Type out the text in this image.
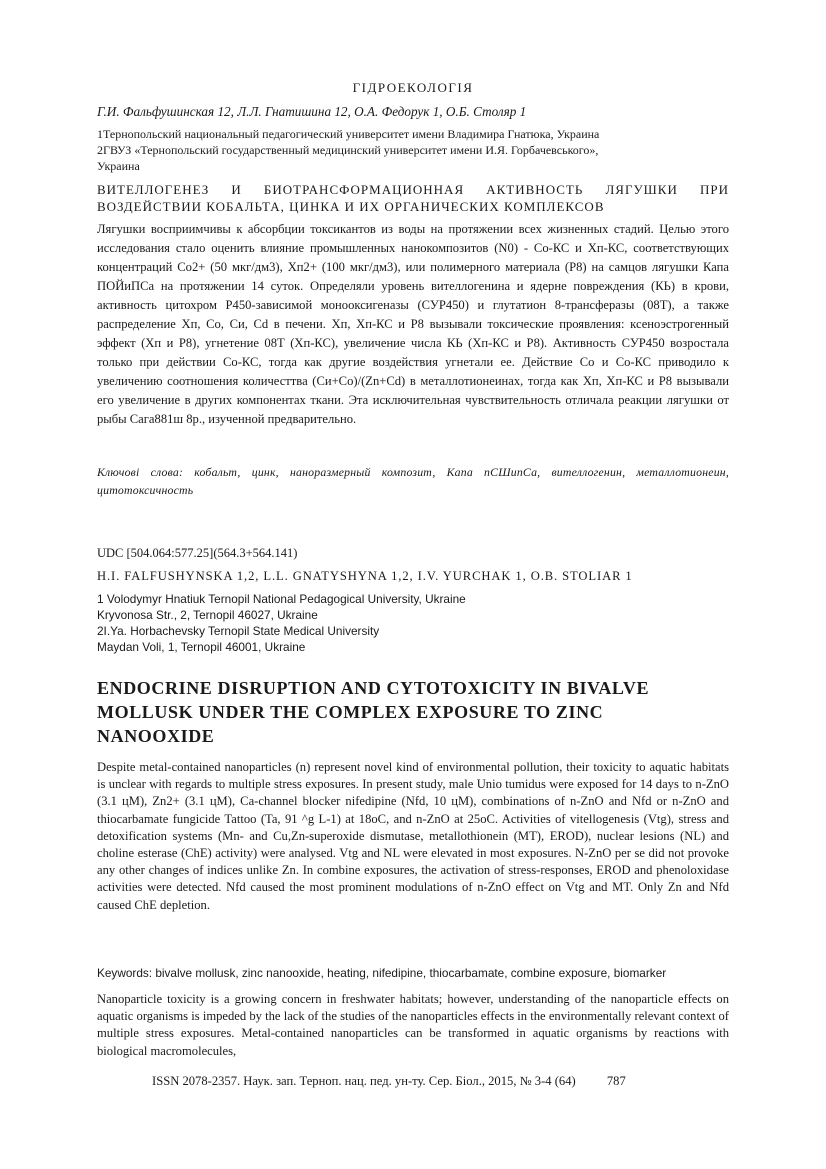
ГІДРОЕКОЛОГІЯ
Г.И. Фальфушинская 12, Л.Л. Гнатишина 12, О.А. Федорук 1, О.Б. Столяр 1
1Тернопольский национальный педагогический университет имени Владимира Гнатюка, Украина
2ГВУЗ «Тернопольский государственный медицинский университет имени И.Я. Горбачевського»,
Украина
ВИТЕЛЛОГЕНЕЗ И БИОТРАНСФОРМАЦИОННАЯ АКТИВНОСТЬ ЛЯГУШКИ ПРИ ВОЗДЕЙСТВИИ КОБАЛЬТА, ЦИНКА И ИХ ОРГАНИЧЕСКИХ КОМПЛЕКСОВ
Лягушки восприимчивы к абсорбции токсикантов из воды на протяжении всех жизненных стадий. Целью этого исследования стало оценить влияние промышленных нанокомпозитов (N0) - Со-КС и Хп-КС, соответствующих концентраций Со2+ (50 мкг/дм3), Хп2+ (100 мкг/дм3), или полимерного материала (Р8) на самцов лягушки Капа ПОЙиПСа на протяжении 14 суток. Определяли уровень вителлогенина и ядерне повреждения (КЬ) в крови, активность цитохром Р450-зависимой монооксигеназы (СУР450) и глутатион 8-трансферазы (08Т), а также распределение Хп, Со, Си, Сd в печени. Хп, Хп-КС и Р8 вызывали токсические проявления: ксеноэстрогенный эффект (Хп и Р8), угнетение 08Т (Хп-КС), увеличение числа КЬ (Хп-КС и Р8). Активность СУР450 возростала только при действии Со-КС, тогда как другие воздействия угнетали ее. Действие Со и Со-КС приводило к увеличению соотношения количесттва (Си+Со)/(Zn+Сd) в металлотионеинах, тогда как Хп, Хп-КС и Р8 вызывали его увеличение в других компонентах ткани. Эта исключительная чувствительность отличала реакции лягушки от рыбы Сага881ш 8р., изученной предварительно.
Ключові слова: кобальт, цинк, наноразмерный композит, Капа пСШипСа, вителлогенин, металлотионеин, цитотоксичность
UDC [504.064:577.25](564.3+564.141)
H.I. FALFUSHYNSKA 1,2, L.L. GNATYSHYNA 1,2, I.V. YURCHAK 1, O.B. STOLIAR 1
1 Volodymyr Hnatiuk Ternopil National Pedagogical University, Ukraine
Kryvonosa Str., 2, Ternopil 46027, Ukraine
2I.Ya. Horbachevsky Ternopil State Medical University
Maydan Voli, 1, Ternopil 46001, Ukraine
ENDOCRINE DISRUPTION AND CYTOTOXICITY IN BIVALVE
MOLLUSK UNDER THE COMPLEX EXPOSURE TO ZINC
NANOOXIDE
Despite metal-contained nanoparticles (n) represent novel kind of environmental pollution, their toxicity to aquatic habitats is unclear with regards to multiple stress exposures. In present study, male Unio tumidus were exposed for 14 days to n-ZnO (3.1 цM), Zn2+ (3.1 цM), Ca-channel blocker nifedipine (Nfd, 10 цM), combinations of n-ZnO and Nfd or n-ZnO and thiocarbamate fungicide Tattoo (Ta, 91 ^g L-1) at 18oC, and n-ZnO at 25oC. Activities of vitellogenesis (Vtg), stress and detoxification systems (Mn- and Cu,Zn-superoxide dismutase, metallothionein (MT), EROD), nuclear lesions (NL) and choline esterase (ChE) activity) were analysed. Vtg and NL were elevated in most exposures. N-ZnO per se did not provoke any other changes of indices unlike Zn. In combine exposures, the activation of stress-responses, EROD and phenoloxidase activities were detected. Nfd caused the most prominent modulations of n-ZnO effect on Vtg and MT. Only Zn and Nfd caused ChE depletion.
Keywords: bivalve mollusk, zinc nanooxide, heating, nifedipine, thiocarbamate, combine exposure, biomarker
Nanoparticle toxicity is a growing concern in freshwater habitats; however, understanding of the nanoparticle effects on aquatic organisms is impeded by the lack of the studies of the nanoparticles effects in the environmentally relevant context of multiple stress exposures. Metal-contained nanoparticles can be transformed in aquatic organisms by reactions with biological macromolecules,
ISSN 2078-2357. Наук. зап. Терноп. нац. пед. ун-ту. Сер. Біол., 2015, № 3-4 (64) 787
